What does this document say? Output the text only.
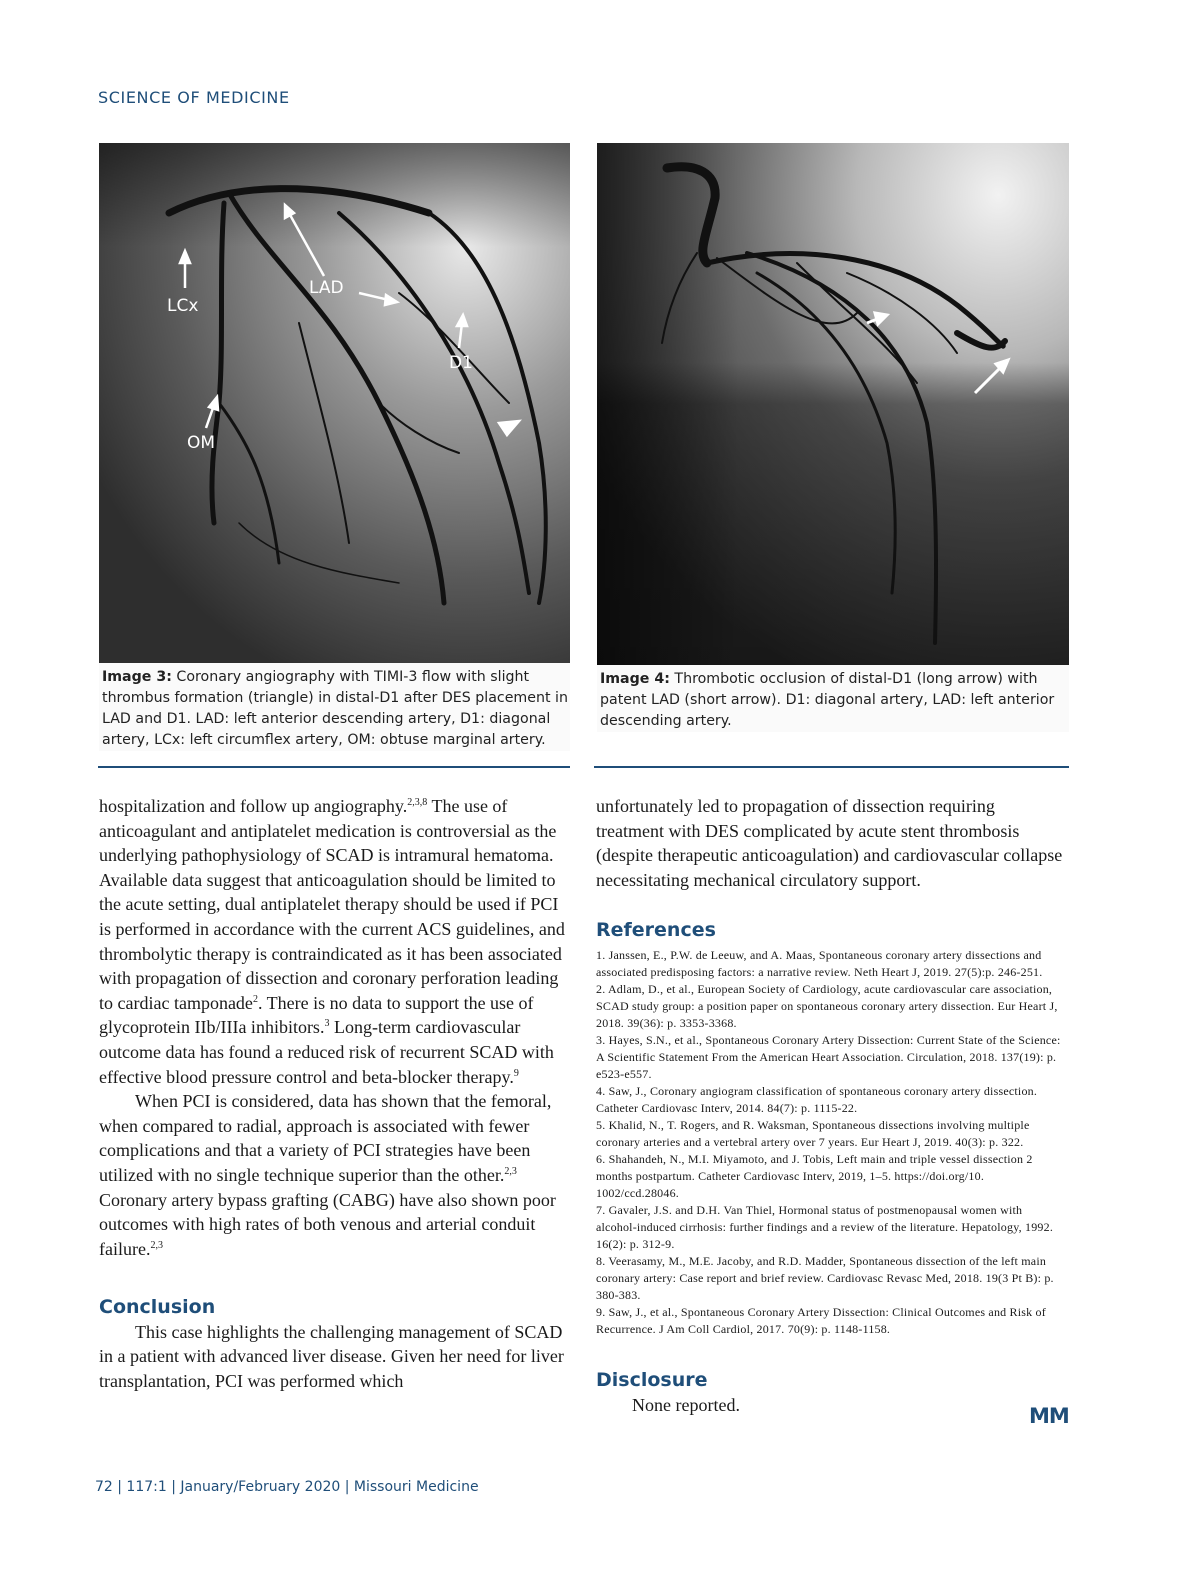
SCIENCE OF MEDICINE
LCx
LAD
D1
OM
Image 3: Coronary angiography with TIMI-3 flow with slight thrombus formation (triangle) in distal-D1 after DES placement in LAD and D1. LAD: left anterior descending artery, D1: diagonal artery, LCx: left circumflex artery, OM: obtuse marginal artery.
Image 4: Thrombotic occlusion of distal-D1 (long arrow) with patent LAD (short arrow). D1: diagonal artery, LAD: left anterior descending artery.

hospitalization and follow up angiography.$^{2,3,8}$ The use of anticoagulant and antiplatelet medication is controversial as the underlying pathophysiology of SCAD is intramural hematoma. Available data suggest that anticoagulation should be limited to the acute setting, dual antiplatelet therapy should be used if PCI is performed in accordance with the current ACS guidelines, and thrombolytic therapy is contraindicated as it has been associated with propagation of dissection and coronary perforation leading to cardiac tamponade$^2$. There is no data to support the use of glycoprotein IIb/IIIa inhibitors.$^3$ Long-term cardiovascular outcome data has found a reduced risk of recurrent SCAD with effective blood pressure control and beta-blocker therapy.$^9$

When PCI is considered, data has shown that the femoral, when compared to radial, approach is associated with fewer complications and that a variety of PCI strategies have been utilized with no single technique superior than the other.$^{2,3}$ Coronary artery bypass grafting (CABG) have also shown poor outcomes with high rates of both venous and arterial conduit failure.$^{2,3}$

Conclusion

This case highlights the challenging management of SCAD in a patient with advanced liver disease. Given her need for liver transplantation, PCI was performed which

unfortunately led to propagation of dissection requiring treatment with DES complicated by acute stent thrombosis (despite therapeutic anticoagulation) and cardiovascular collapse necessitating mechanical circulatory support.

References
1. Janssen, E., P.W. de Leeuw, and A. Maas, Spontaneous coronary artery dissections and associated predisposing factors: a narrative review. Neth Heart J, 2019. 27(5):p. 246-251.
2. Adlam, D., et al., European Society of Cardiology, acute cardiovascular care association, SCAD study group: a position paper on spontaneous coronary artery dissection. Eur Heart J, 2018. 39(36): p. 3353-3368.
3. Hayes, S.N., et al., Spontaneous Coronary Artery Dissection: Current State of the Science: A Scientific Statement From the American Heart Association. Circulation, 2018. 137(19): p. e523-e557.
4. Saw, J., Coronary angiogram classification of spontaneous coronary artery dissection. Catheter Cardiovasc Interv, 2014. 84(7): p. 1115-22.
5. Khalid, N., T. Rogers, and R. Waksman, Spontaneous dissections involving multiple coronary arteries and a vertebral artery over 7 years. Eur Heart J, 2019. 40(3): p. 322.
6. Shahandeh, N., M.I. Miyamoto, and J. Tobis, Left main and triple vessel dissection 2 months postpartum. Catheter Cardiovasc Interv, 2019, 1–5. https://doi.org/10. 1002/ccd.28046.
7. Gavaler, J.S. and D.H. Van Thiel, Hormonal status of postmenopausal women with alcohol-induced cirrhosis: further findings and a review of the literature. Hepatology, 1992. 16(2): p. 312-9.
8. Veerasamy, M., M.E. Jacoby, and R.D. Madder, Spontaneous dissection of the left main coronary artery: Case report and brief review. Cardiovasc Revasc Med, 2018. 19(3 Pt B): p. 380-383.
9. Saw, J., et al., Spontaneous Coronary Artery Dissection: Clinical Outcomes and Risk of Recurrence. J Am Coll Cardiol, 2017. 70(9): p. 1148-1158.
Disclosure

None reported.	MM
72 | 117:1 | January/February 2020 | Missouri Medicine
